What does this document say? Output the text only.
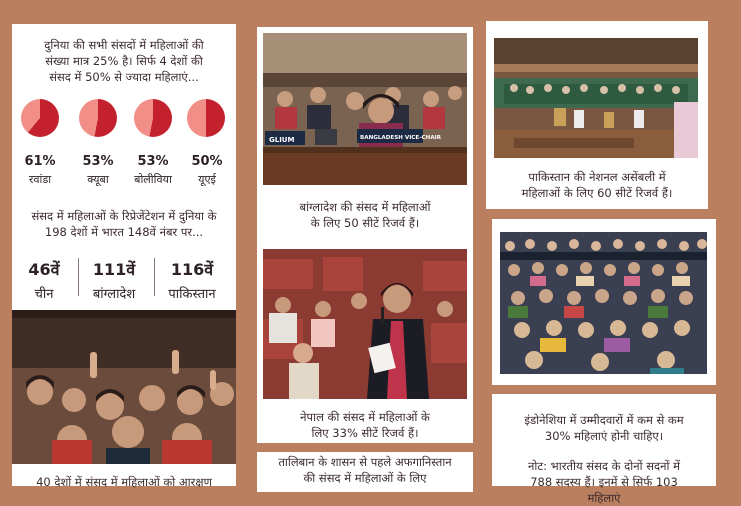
दुनिया की सभी संसदों में महिलाओं की संख्या मात्र 25% है। सिर्फ 4 देशों की संसद में 50% से ज्यादा महिलाएं...
61%
रवांडा
53%
क्यूबा
53%
बोलीविया
50%
यूएई
संसद में महिलाओं के रिप्रेजेंटेशन में दुनिया के 198 देशों में भारत 148वें नंबर पर...
46वें
चीन
111वें
बांग्लादेश
116वें
पाकिस्तान
40 देशों में संसद में महिलाओं को आरक्षण
GLIUM	BANGLADESH VICE-CHAIR
बांग्लादेश की संसद में महिलाओं के लिए 50 सीटें रिजर्व हैं।
नेपाल की संसद में महिलाओं के लिए 33% सीटें रिजर्व हैं।
तालिबान के शासन से पहले अफगानिस्तान की संसद में महिलाओं के लिए
पाकिस्तान की नेशनल असेंबली में महिलाओं के लिए 60 सीटें रिजर्व हैं।
इंडोनेशिया में उम्मीदवारों में कम से कम 30% महिलाएं होनी चाहिए।
नोट: भारतीय संसद के दोनों सदनों में 788 सदस्य हैं। इनमें से सिर्फ 103 महिलाएं
